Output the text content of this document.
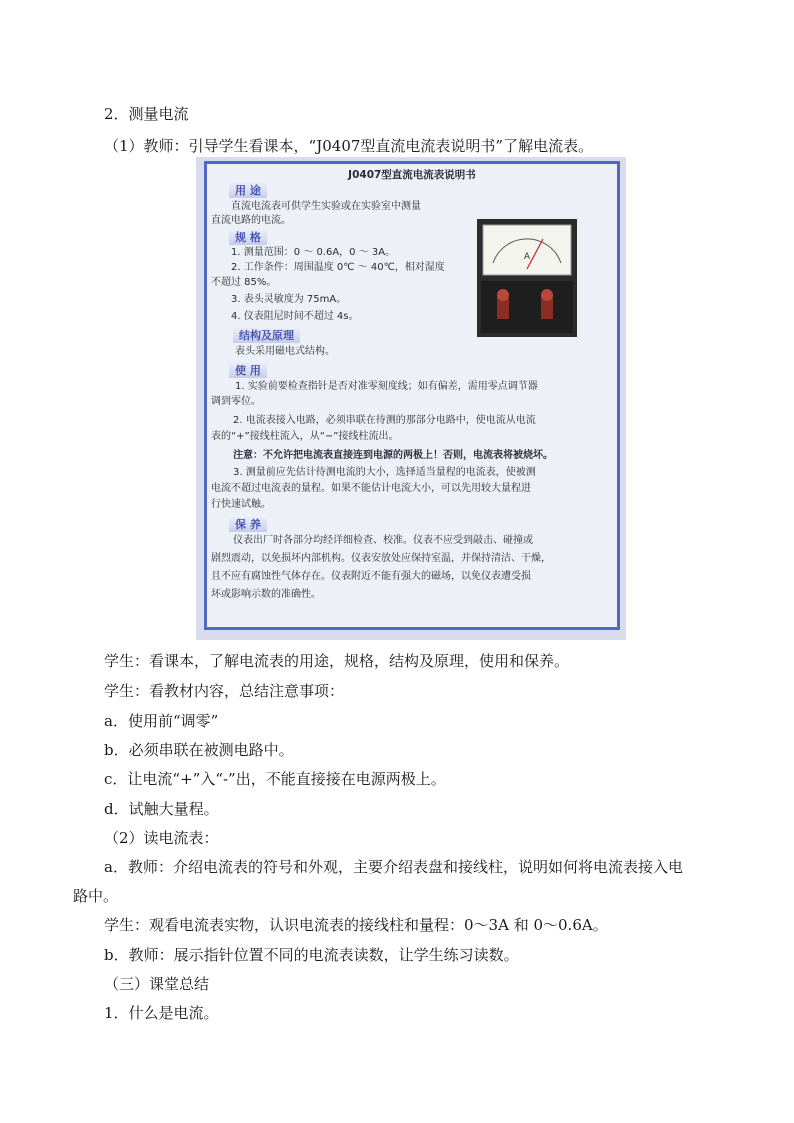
2．测量电流
（1）教师：引导学生看课本，“J0407型直流电流表说明书”了解电流表。
J0407型直流电流表说明书
用 途
直流电流表可供学生实验或在实验室中测量
直流电路的电流。
规 格
1. 测量范围：0 ～ 0.6A，0 ～ 3A。
2. 工作条件：周围温度 0℃ ～ 40℃，相对湿度
不超过 85%。
3. 表头灵敏度为 75mA。
4. 仪表阻尼时间不超过 4s。
结构及原理
表头采用磁电式结构。
使 用
1. 实验前要检查指针是否对准零刻度线；如有偏差，需用零点调节器
调到零位。
2. 电流表接入电路，必须串联在待测的那部分电路中，使电流从电流
表的“+”接线柱流入，从“−”接线柱流出。
注意：不允许把电流表直接连到电源的两极上！否则，电流表将被烧坏。
3. 测量前应先估计待测电流的大小，选择适当量程的电流表，使被测
电流不超过电流表的量程。如果不能估计电流大小，可以先用较大量程进
行快速试触。
保 养
仪表出厂时各部分均经详细检查、校准。仪表不应受到敲击、碰撞或
剧烈震动，以免损坏内部机构。仪表安放处应保持室温，并保持清洁、干燥，
且不应有腐蚀性气体存在。仪表附近不能有强大的磁场，以免仪表遭受损
坏或影响示数的准确性。
A
学生：看课本，了解电流表的用途，规格，结构及原理，使用和保养。
学生：看教材内容，总结注意事项：
a．使用前“调零”
b．必须串联在被测电路中。
c．让电流“+”入“-”出，不能直接接在电源两极上。
d．试触大量程。
（2）读电流表：
a．教师：介绍电流表的符号和外观，主要介绍表盘和接线柱，说明如何将电流表接入电
路中。
学生：观看电流表实物，认识电流表的接线柱和量程：0～3A 和 0～0.6A。
b．教师：展示指针位置不同的电流表读数，让学生练习读数。
（三）课堂总结
1．什么是电流。
